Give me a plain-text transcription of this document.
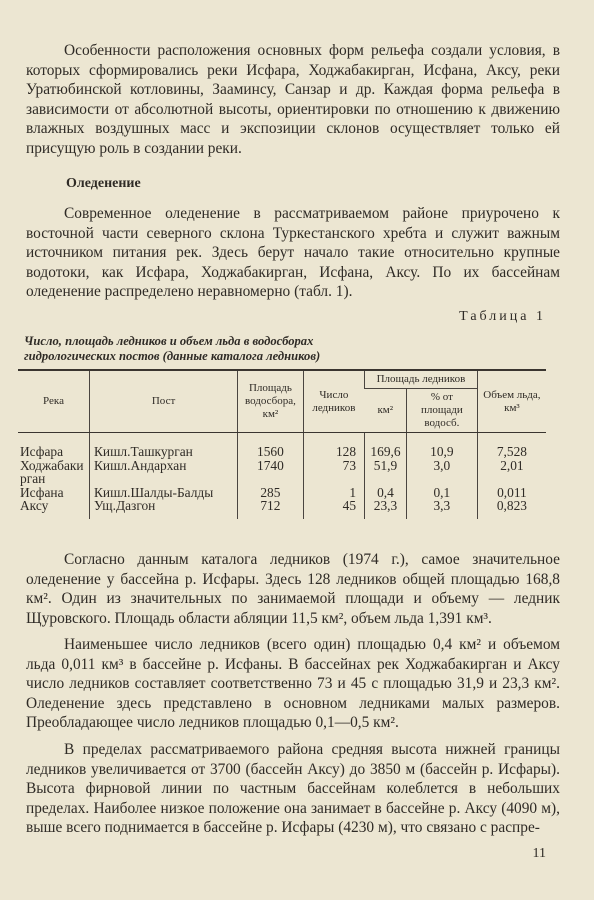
Особенности расположения основных форм рельефа создали условия, в которых сформировались реки Исфара, Ходжабакирган, Исфана, Аксу, реки Уратюбинской котловины, Зааминсу, Санзар и др. Каждая форма рельефа в зависимости от абсолютной высоты, ориентировки по отношению к движению влажных воздушных масс и экспозиции склонов осуществляет только ей присущую роль в создании реки.

Оледенение

Современное оледенение в рассматриваемом районе приурочено к восточной части северного склона Туркестанского хребта и служит важным источником питания рек. Здесь берут начало такие относительно крупные водотоки, как Исфара, Ходжабакирган, Исфана, Аксу. По их бассейнам оледенение распределено неравномерно (табл. 1).

Таблица 1
Число, площадь ледников и объем льда в водосборах гидрологических постов (данные каталога ледников)
Река	Пост	Площадь водосбора, км²	Число ледников	Площадь ледников		Объем льда, км³
				км²	% от площади водосб.	
Исфара	Кишл.Ташкурган	1560	128	169,6	10,9	7,528
Ходжабакирган	Кишл.Андархан	1740	73	51,9	3,0	2,01
Исфана	Кишл.Шалды-Балды	285	1	0,4	0,1	0,011
Аксу	Ущ.Дазгон	712	45	23,3	3,3	0,823

Согласно данным каталога ледников (1974 г.), самое значительное оледенение у бассейна р. Исфары. Здесь 128 ледников общей площадью 168,8 км². Один из значительных по занимаемой площади и объему — ледник Щуровского. Площадь области абляции 11,5 км², объем льда 1,391 км³.

Наименьшее число ледников (всего один) площадью 0,4 км² и объемом льда 0,011 км³ в бассейне р. Исфаны. В бассейнах рек Ходжабакирган и Аксу число ледников составляет соответственно 73 и 45 с площадью 31,9 и 23,3 км². Оледенение здесь представлено в основном ледниками малых размеров. Преобладающее число ледников площадью 0,1—0,5 км².

В пределах рассматриваемого района средняя высота нижней границы ледников увеличивается от 3700 (бассейн Аксу) до 3850 м (бассейн р. Исфары). Высота фирновой линии по частным бассейнам колеблется в небольших пределах. Наиболее низкое положение она занимает в бассейне р. Аксу (4090 м), выше всего поднимается в бассейне р. Исфары (4230 м), что связано с распре-

11
